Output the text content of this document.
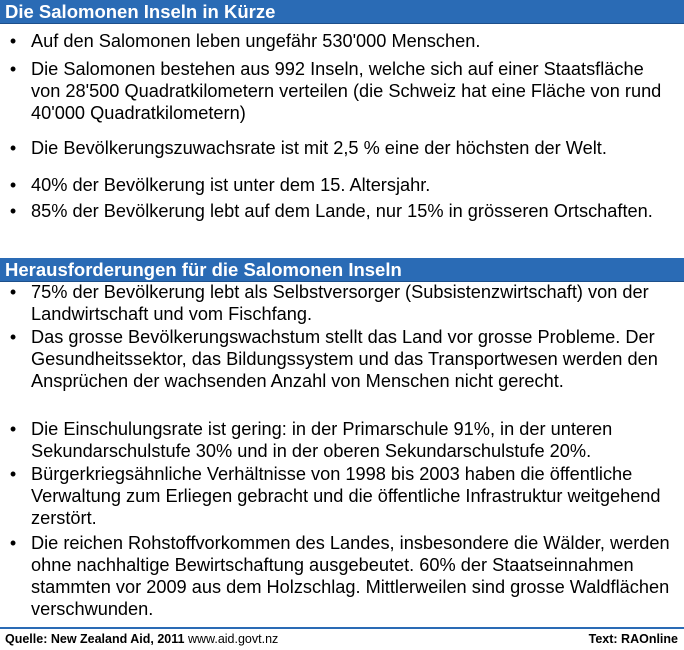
Die Salomonen Inseln in Kürze
• Auf den Salomonen leben ungefähr 530'000 Menschen.
• Die Salomonen bestehen aus 992 Inseln, welche sich auf einer Staatsfläche von 28'500 Quadratkilometern verteilen (die Schweiz hat eine Fläche von rund 40'000 Quadratkilometern)
• Die Bevölkerungszuwachsrate ist mit 2,5 % eine der höchsten der Welt.
• 40% der Bevölkerung ist unter dem 15. Altersjahr.
• 85% der Bevölkerung lebt auf dem Lande, nur 15% in grösseren Ortschaften.
Herausforderungen für die Salomonen Inseln
• 75% der Bevölkerung lebt als Selbstversorger (Subsistenzwirtschaft) von der Landwirtschaft und vom Fischfang.
• Das grosse Bevölkerungswachstum stellt das Land vor grosse Probleme. Der Gesundheitssektor, das Bildungssystem und das Transportwesen werden den Ansprüchen der wachsenden Anzahl von Menschen nicht gerecht.
• Die Einschulungsrate ist gering: in der Primarschule 91%, in der unteren Sekundarschulstufe 30% und in der oberen Sekundarschulstufe 20%.
• Bürgerkriegsähnliche Verhältnisse von 1998 bis 2003 haben die öffentliche Verwaltung zum Erliegen gebracht und die öffentliche Infrastruktur weitgehend zerstört.
• Die reichen Rohstoffvorkommen des Landes, insbesondere die Wälder, werden ohne nachhaltige Bewirtschaftung ausgebeutet. 60% der Staatseinnahmen stammten vor 2009 aus dem Holzschlag. Mittlerweilen sind grosse Waldflächen verschwunden.
Quelle: New Zealand Aid, 2011 www.aid.govt.nz	Text: RAOnline
